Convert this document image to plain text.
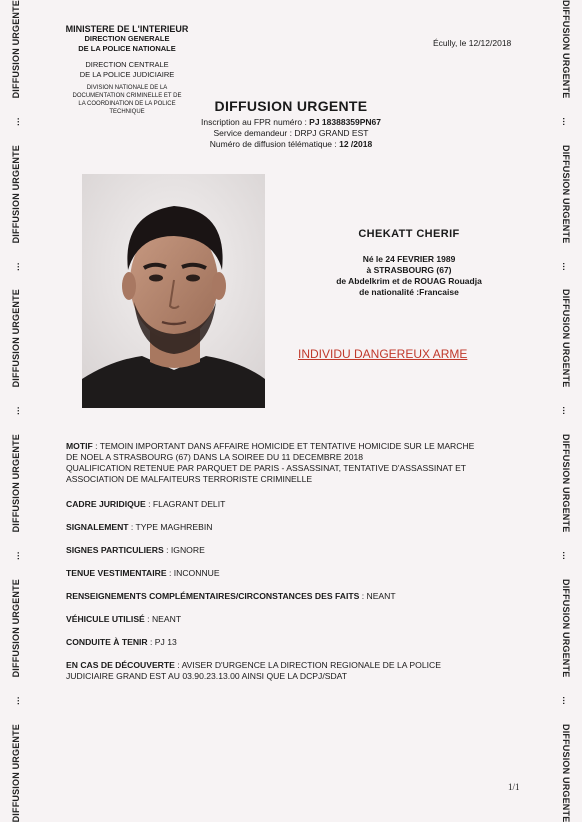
DIFFUSION URGENTE
…
DIFFUSION URGENTE
…
DIFFUSION URGENTE
…
DIFFUSION URGENTE
…
DIFFUSION URGENTE
…
DIFFUSION URGENTE
DIFFUSION URGENTE
…
DIFFUSION URGENTE
…
DIFFUSION URGENTE
…
DIFFUSION URGENTE
…
DIFFUSION URGENTE
…
DIFFUSION URGENTE
MINISTERE DE L'INTERIEUR
DIRECTION GENERALE
DE LA POLICE NATIONALE
DIRECTION CENTRALE
DE LA POLICE JUDICIAIRE
DIVISION NATIONALE DE LA
DOCUMENTATION CRIMINELLE ET DE
LA COORDINATION DE LA POLICE
TECHNIQUE
Écully, le 12/12/2018
DIFFUSION URGENTE
Inscription au FPR numéro : PJ 18388359PN67
Service demandeur : DRPJ GRAND EST
Numéro de diffusion télématique : 12 /2018
CHEKATT CHERIF
Né le 24 FEVRIER 1989
à STRASBOURG (67)
de Abdelkrim et de ROUAG Rouadja
de nationalité :Francaise
INDIVIDU DANGEREUX ARME
MOTIF : TEMOIN IMPORTANT DANS AFFAIRE HOMICIDE ET TENTATIVE HOMICIDE SUR LE MARCHE
DE NOEL A STRASBOURG (67) DANS LA SOIREE DU 11 DECEMBRE 2018
QUALIFICATION RETENUE PAR PARQUET DE PARIS - ASSASSINAT, TENTATIVE D'ASSASSINAT ET
ASSOCIATION DE MALFAITEURS TERRORISTE CRIMINELLE
CADRE JURIDIQUE : FLAGRANT DELIT
SIGNALEMENT : TYPE MAGHREBIN
SIGNES PARTICULIERS : IGNORE
TENUE VESTIMENTAIRE : INCONNUE
RENSEIGNEMENTS COMPLÉMENTAIRES/CIRCONSTANCES DES FAITS : NEANT
VÉHICULE UTILISÉ : NEANT
CONDUITE À TENIR : PJ 13
EN CAS DE DÉCOUVERTE : AVISER D'URGENCE LA DIRECTION REGIONALE DE LA POLICE
JUDICIAIRE GRAND EST AU 03.90.23.13.00 AINSI QUE LA DCPJ/SDAT
1/1
